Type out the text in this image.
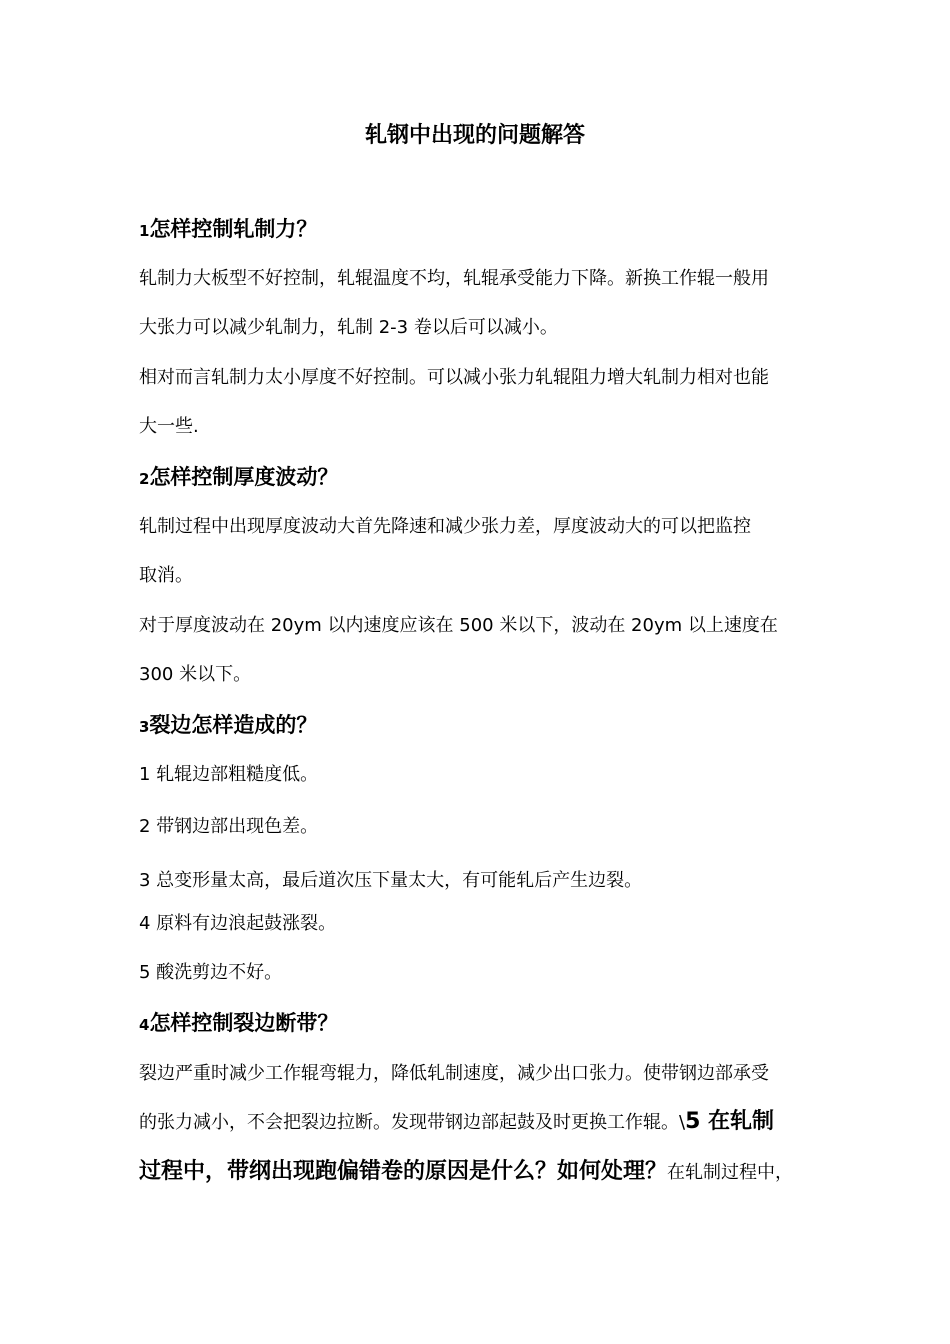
轧钢中出现的问题解答
1怎样控制轧制力？
轧制力大板型不好控制，轧辊温度不均，轧辊承受能力下降。新换工作辊一般用
大张力可以减少轧制力，轧制 2-3 卷以后可以减小。
相对而言轧制力太小厚度不好控制。可以减小张力轧辊阻力增大轧制力相对也能
大一些.
2怎样控制厚度波动？
轧制过程中出现厚度波动大首先降速和减少张力差，厚度波动大的可以把监控
取消。
对于厚度波动在 20ym 以内速度应该在 500 米以下，波动在 20ym 以上速度在
300 米以下。
3裂边怎样造成的？
1 轧辊边部粗糙度低。
2 带钢边部出现色差。
3 总变形量太高，最后道次压下量太大，有可能轧后产生边裂。
4 原料有边浪起鼓涨裂。
5 酸洗剪边不好。
4怎样控制裂边断带？
裂边严重时减少工作辊弯辊力，降低轧制速度，减少出口张力。使带钢边部承受
的张力减小，不会把裂边拉断。发现带钢边部起鼓及时更换工作辊。\5 在轧制
过程中，带纲出现跑偏错卷的原因是什么？如何处理？在轧制过程中，
